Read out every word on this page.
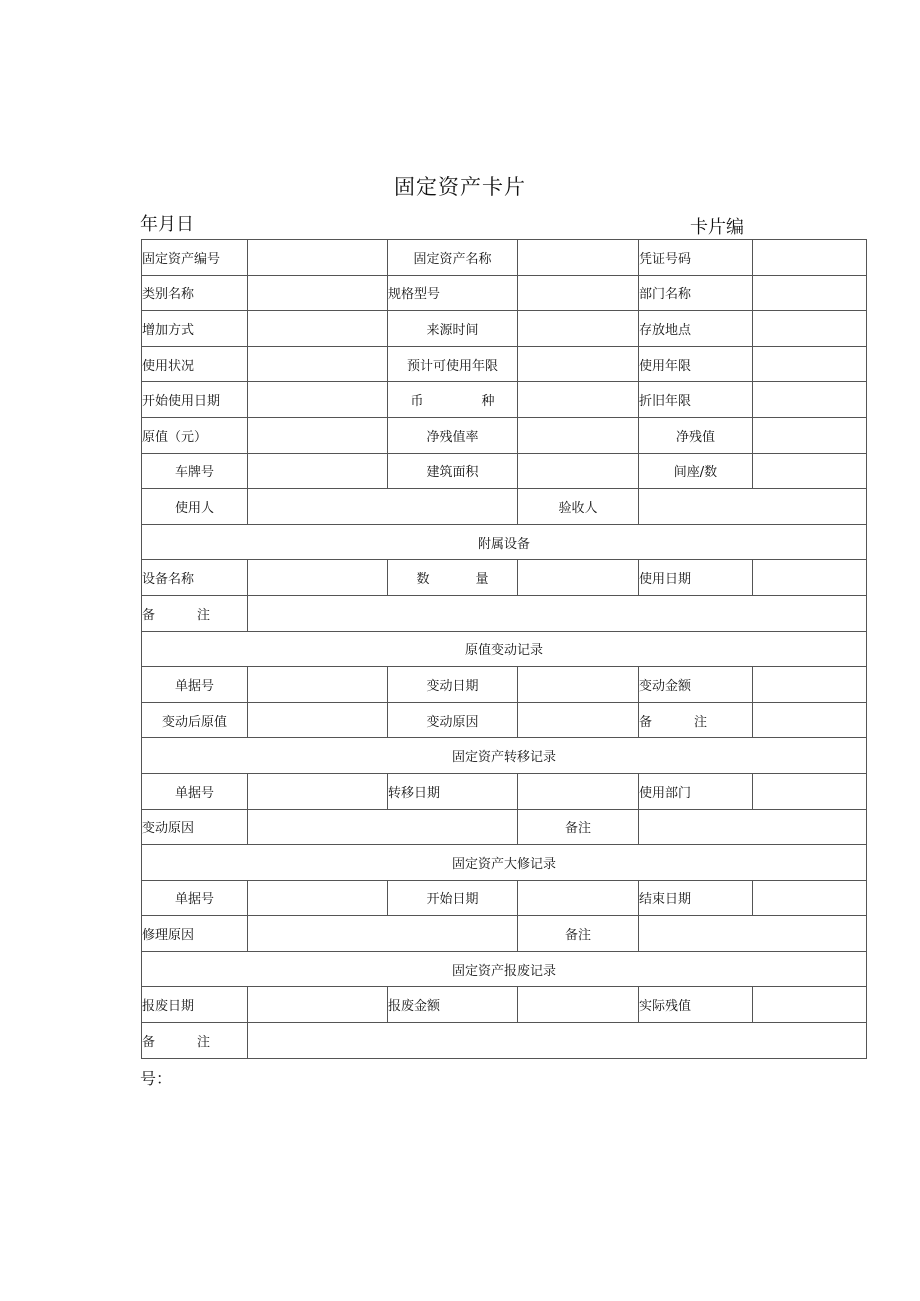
固定资产卡片
年月日	卡片编
固定资产编号		固定资产名称		凭证号码	
类别名称		规格型号		部门名称	
增加方式		来源时间		存放地点	
使用状况		预计可使用年限		使用年限	
开始使用日期		币 种		折旧年限	
原值（元）		净残值率		净残值	
车牌号		建筑面积		间座/数	
使用人			验收人		
附属设备					
设备名称		数 量		使用日期	
备 注					
原值变动记录					
单据号		变动日期		变动金额	
变动后原值		变动原因		备 注	
固定资产转移记录					
单据号		转移日期		使用部门	
变动原因			备注		
固定资产大修记录					
单据号		开始日期		结束日期	
修理原因			备注		
固定资产报废记录					
报废日期		报废金额		实际残值	
备 注					
号：
